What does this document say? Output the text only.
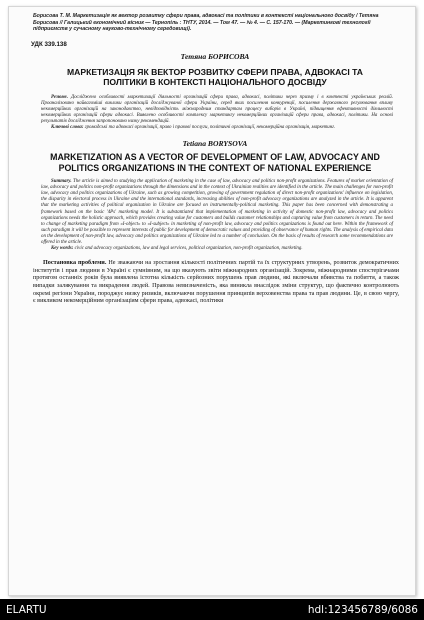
Борисова Т. М. Маркетизація як вектор розвитку сфери права, адвокасі та політики в контексті національного досвіду / Тетяна Борисова // Галицький економічний вісник — Тернопіль : ТНТУ, 2014. — Том 47. — № 4. — С. 157-170. — (Маркетингові технології підприємств у сучасному науково-технічному середовищі).

УДК 339.138

Тетяна БОРИСОВА

МАРКЕТИЗАЦІЯ ЯК ВЕКТОР РОЗВИТКУ СФЕРИ ПРАВА, АДВОКАСІ ТА ПОЛІТИКИ В КОНТЕКСТІ НАЦІОНАЛЬНОГО ДОСВІДУ

Резюме. Досліджено особливості маркетизації діяльності організацій сфери права, адвокасі, політики через призму і в контексті українських реалій. Проаналізовано найвагоміші виклики організацій досліджуваної сфери України, серед яких посилення конкуренції, посилення державного регулювання впливу некомерційних організацій на законодавство, невідповідність міжнародним стандартам процесу виборів в Україні, підвищення ефективності діяльності некомерційних організацій сфери адвокасі. Виявлено особливості комплексу маркетингу некомерційних організацій сфери права, адвокасі, політики. На основі результатів дослідження запропоновано низку рекомендацій.

Ключові слова: громадські та адвокасі організації, право і правові послуги, політичні організації, некомерційна організація, маркетинг.

Tetiana BORYSOVA

MARKETIZATION AS A VECTOR OF DEVELOPMENT OF LAW, ADVOCACY AND POLITICS ORGANIZATIONS IN THE CONTEXT OF NATIONAL EXPERIENCE

Summary. The article is aimed to studying the application of marketing in the case of law, advocacy and politics non-profit organizations. Features of market orientation of law, advocacy and politics non-profit organizations through the dimensions and in the context of Ukrainian realities are identified in the article. The main challenges for non-profit law, advocacy and politics organizations of Ukraine, such as growing competition, growing of government regulation of direct non-profit organizations' influence on legislation, the disparity in electoral process in Ukraine and the international standards, increasing abilities of non-profit advocacy organizations are analyzed in the article. It is apparent that the marketing activities of political organization in Ukraine are focused on instrumentally-political marketing. This paper has been concerned with demonstrating a framework based on the basic '4Ps' marketing model. It is substantiated that implementation of marketing in activity of domestic non-profit law, advocacy and politics organizations needs the holistic approach, which provides creating value for customers and builds customer relationships and capturing value from customers in return. The need to change of marketing paradigm from «I-object» to «I-subject» in marketing of non-profit law, advocacy and politics organizations is found out here. Within the framework of such paradigm it will be possible to represent interests of public for development of democratic values and providing of observance of human rights. The analysis of empirical data on the development of non-profit law, advocacy and politics organizations of Ukraine led to a number of conclusion. On the basis of results of research some recommendations are offered in the article.

Key words: civic and advocacy organizations, law and legal services, political organization, non-profit organization, marketing.

Постановка проблеми. Не зважаючи на зростання кількості політичних партій та їх структурних утворень, розвиток демократичних інститутів і прав людини в Україні є сумнівним, на що вказують звіти міжнародних організацій. Зокрема, міжнародними спостерігачами протягом останніх років була виявлена істотна кількість серйозних порушень прав людини, які включали вбивства та побиття, а також випадки залякування та викрадення людей. Правова невизначеність, яка виникла внаслідок зміни структур, що фактично контролюють окремі регіони України, породжує низку ризиків, включаючи порушення принципів верховенства права та прав людини. Це, в свою чергу, є викликом некомерційним організаціям сфери права, адвокасі, політики

ELARTU	hdl:123456789/6086
